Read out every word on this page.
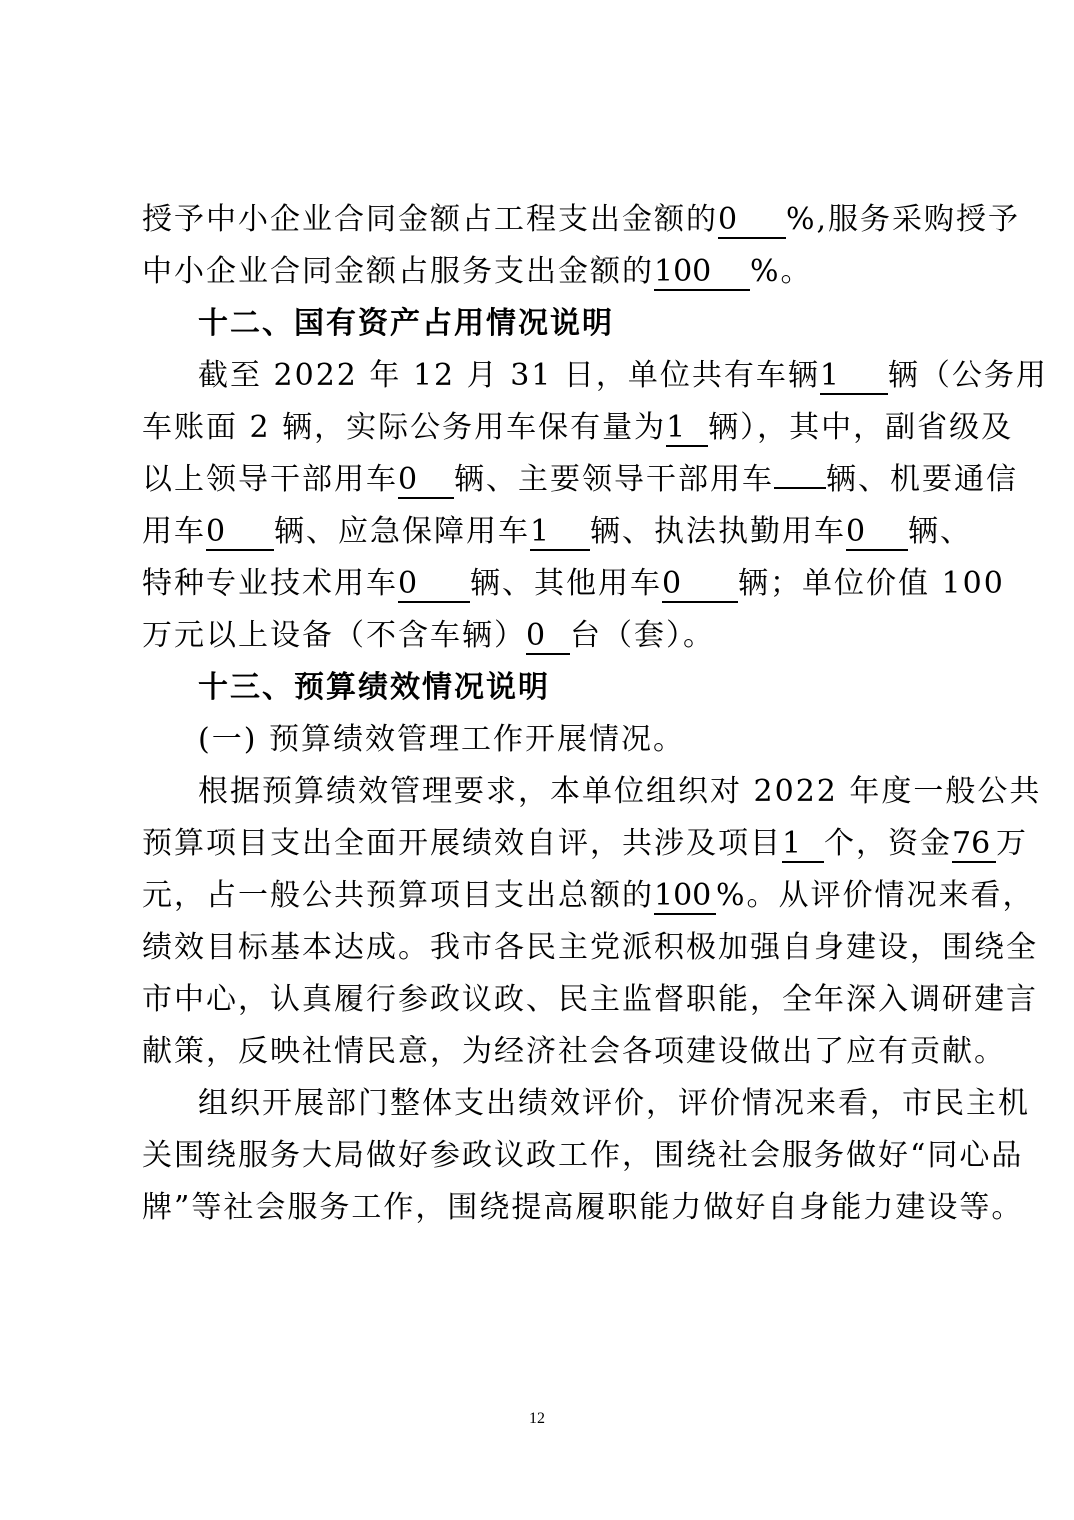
授予中小企业合同金额占工程支出金额的0 %,服务采购授予
中小企业合同金额占服务支出金额的100 %。
十二、国有资产占用情况说明
截至 2022 年 12 月 31 日，单位共有车辆1 辆（公务用
车账面 2 辆，实际公务用车保有量为1 辆），其中，副省级及
以上领导干部用车0 辆、主要领导干部用车 辆、机要通信
用车0 辆、应急保障用车1 辆、执法执勤用车0 辆、
特种专业技术用车0 辆、其他用车0 辆；单位价值 100
万元以上设备（不含车辆）0 台（套）。
十三、预算绩效情况说明
(一) 预算绩效管理工作开展情况。
根据预算绩效管理要求，本单位组织对 2022 年度一般公共
预算项目支出全面开展绩效自评，共涉及项目1 个，资金76 万
元，占一般公共预算项目支出总额的100 %。从评价情况来看，
绩效目标基本达成。我市各民主党派积极加强自身建设，围绕全
市中心，认真履行参政议政、民主监督职能，全年深入调研建言
献策，反映社情民意，为经济社会各项建设做出了应有贡献。
组织开展部门整体支出绩效评价，评价情况来看，市民主机
关围绕服务大局做好参政议政工作，围绕社会服务做好“同心品
牌”等社会服务工作，围绕提高履职能力做好自身能力建设等。
12
